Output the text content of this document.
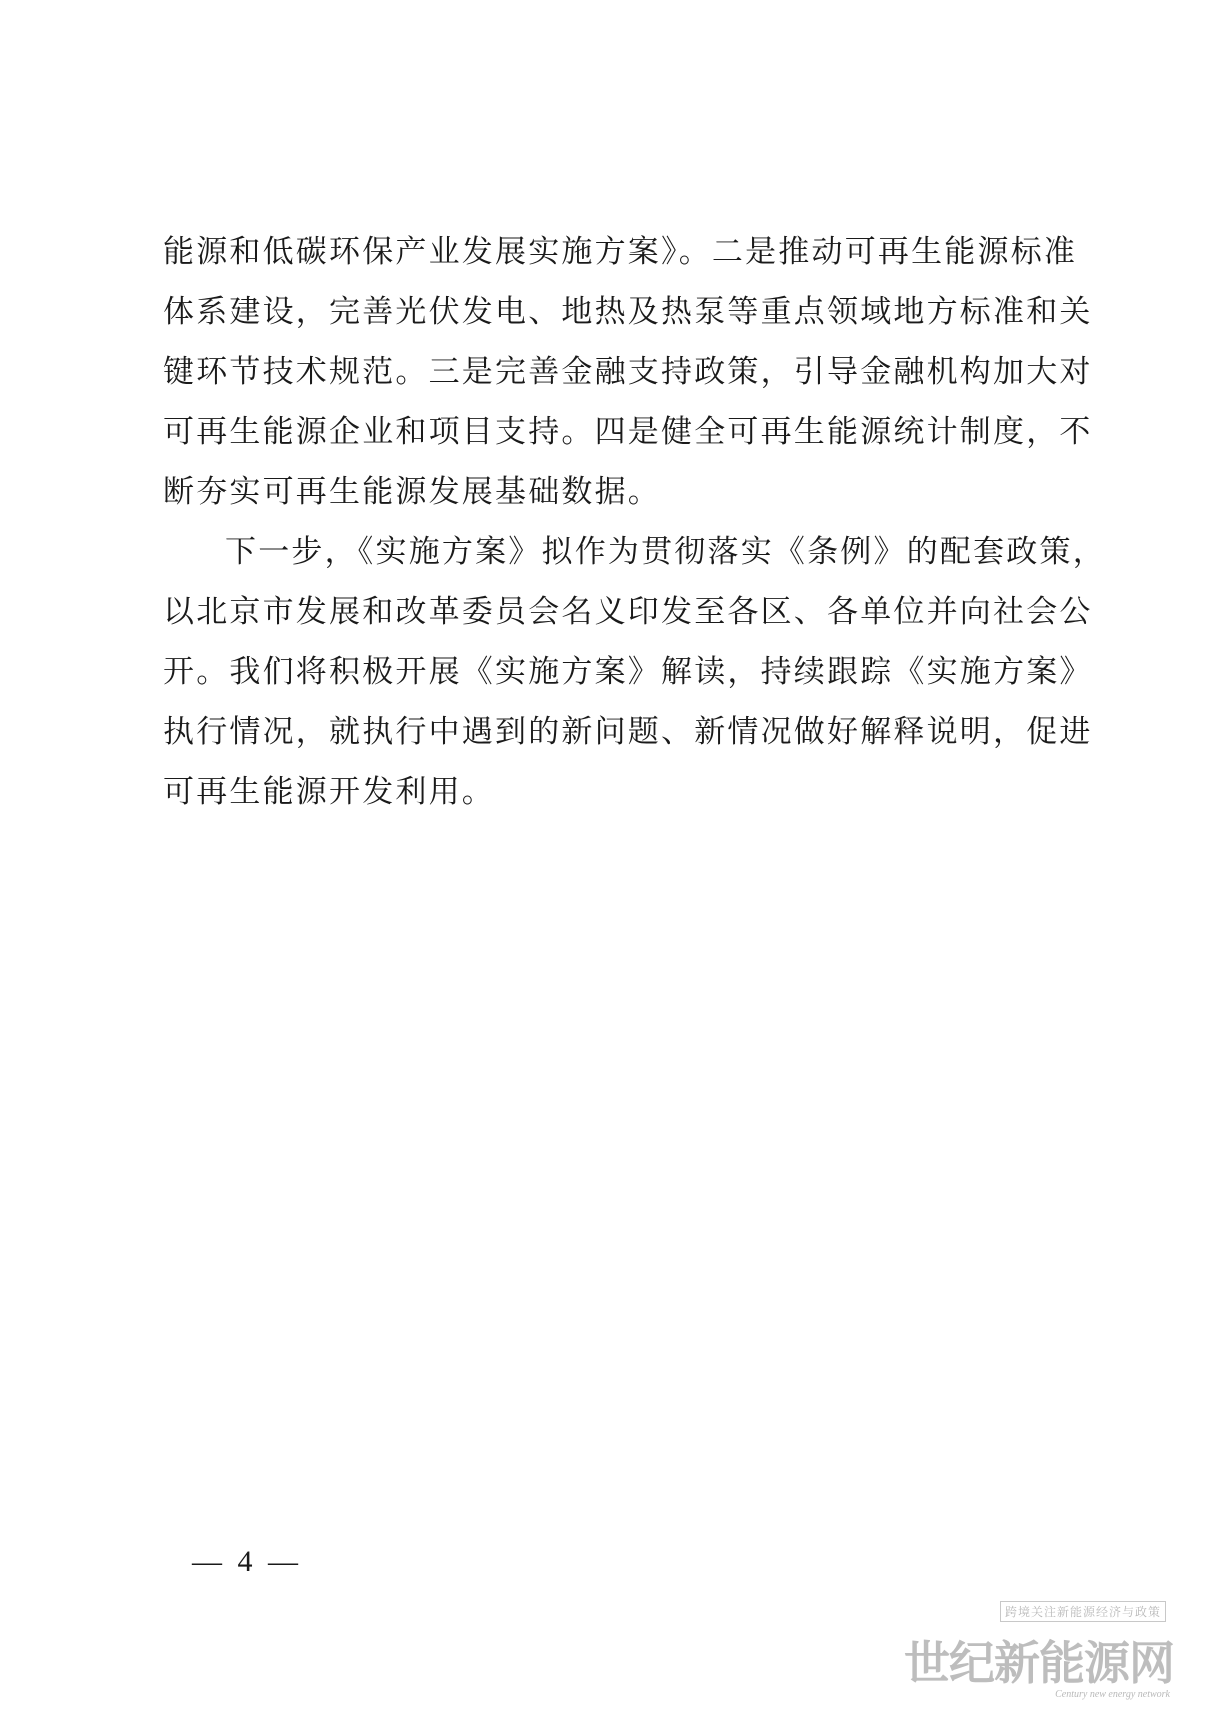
能源和低碳环保产业发展实施方案》。二是推动可再生能源标准
体系建设，完善光伏发电、地热及热泵等重点领域地方标准和关
键环节技术规范。三是完善金融支持政策，引导金融机构加大对
可再生能源企业和项目支持。四是健全可再生能源统计制度，不
断夯实可再生能源发展基础数据。
下一步，《实施方案》拟作为贯彻落实《条例》的配套政策，
以北京市发展和改革委员会名义印发至各区、各单位并向社会公
开。我们将积极开展《实施方案》解读，持续跟踪《实施方案》
执行情况，就执行中遇到的新问题、新情况做好解释说明，促进
可再生能源开发利用。
— 4 —
跨境关注新能源经济与政策
世纪新能源网
Century new energy network
